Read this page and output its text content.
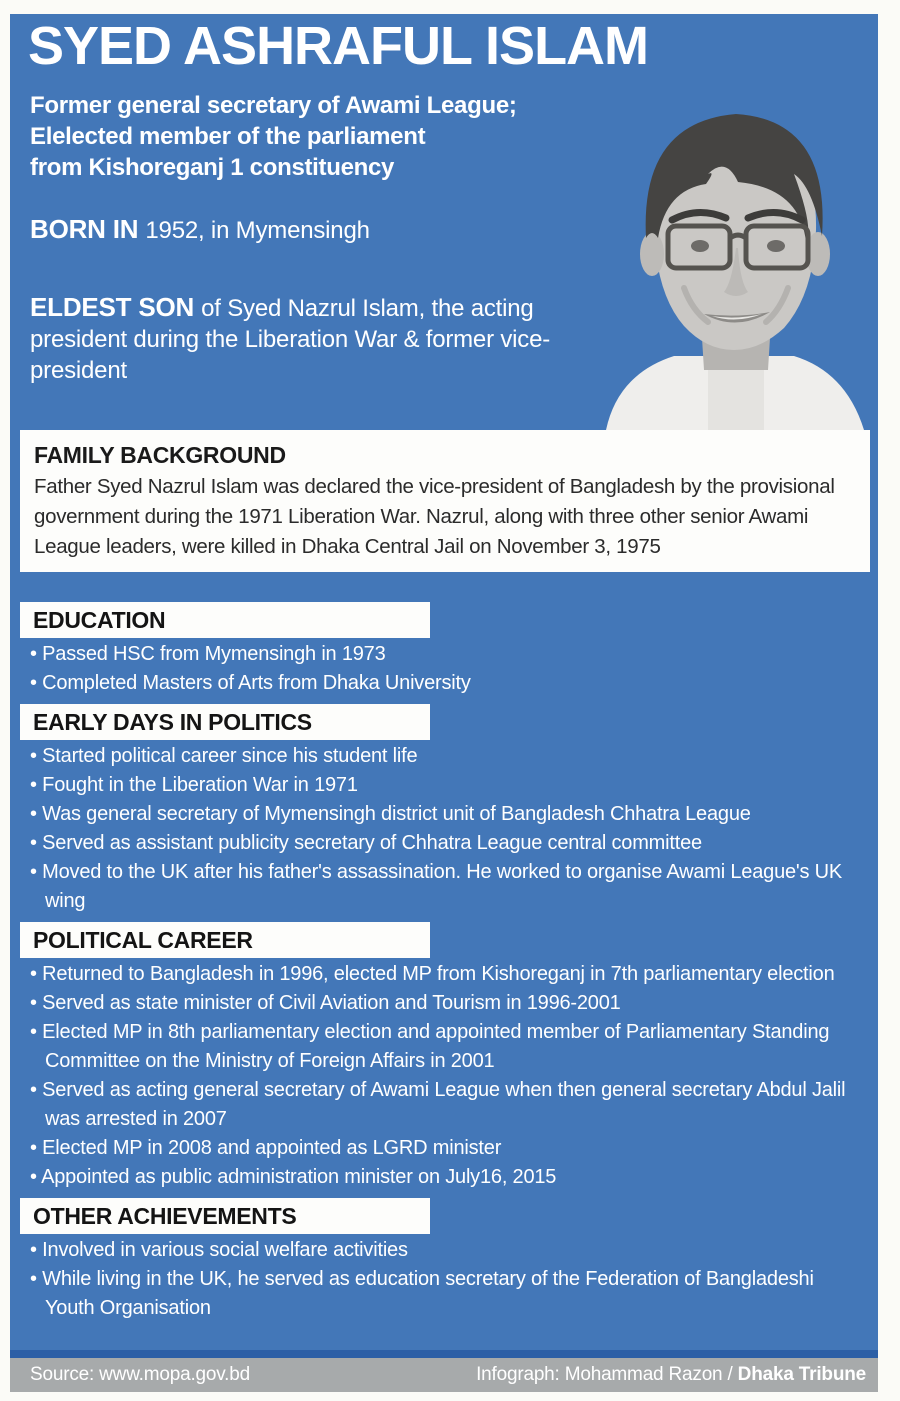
SYED ASHRAFUL ISLAM
Former general secretary of Awami League;
Elelected member of the parliament
from Kishoreganj 1 constituency
BORN IN 1952, in Mymensingh
ELDEST SON of Syed Nazrul Islam, the acting president during the Liberation War & former vice-president
FAMILY BACKGROUND

Father Syed Nazrul Islam was declared the vice-president of Bangladesh by the provisional government during the 1971 Liberation War. Nazrul, along with three other senior Awami League leaders, were killed in Dhaka Central Jail on November 3, 1975

EDUCATION
• Passed HSC from Mymensingh in 1973
• Completed Masters of Arts from Dhaka University
EARLY DAYS IN POLITICS
• Started political career since his student life
• Fought in the Liberation War in 1971
• Was general secretary of Mymensingh district unit of Bangladesh Chhatra League
• Served as assistant publicity secretary of Chhatra League central committee
• Moved to the UK after his father's assassination. He worked to organise Awami League's UK wing
POLITICAL CAREER
• Returned to Bangladesh in 1996, elected MP from Kishoreganj in 7th parliamentary election
• Served as state minister of Civil Aviation and Tourism in 1996-2001
• Elected MP in 8th parliamentary election and appointed member of Parliamentary Standing Committee on the Ministry of Foreign Affairs in 2001
• Served as acting general secretary of Awami League when then general secretary Abdul Jalil was arrested in 2007
• Elected MP in 2008 and appointed as LGRD minister
• Appointed as public administration minister on July16, 2015
OTHER ACHIEVEMENTS
• Involved in various social welfare activities
• While living in the UK, he served as education secretary of the Federation of Bangladeshi Youth Organisation
Source: www.mopa.gov.bd	Infograph: Mohammad Razon / Dhaka Tribune
